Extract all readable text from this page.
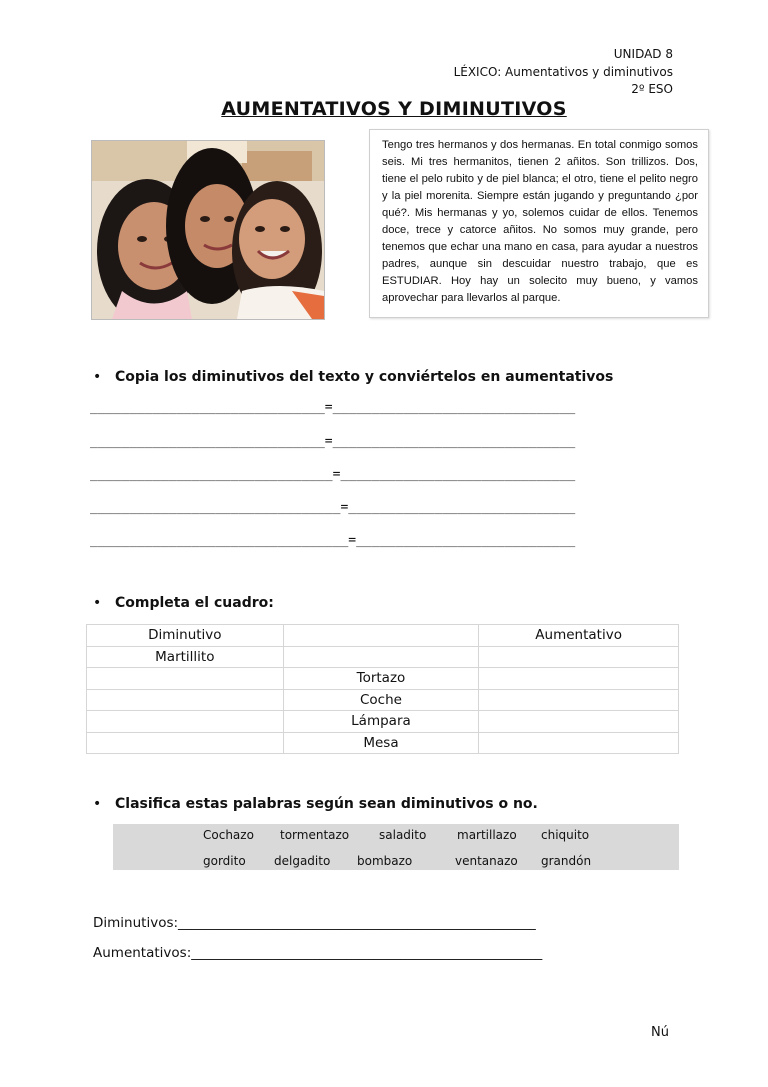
UNIDAD 8
LÉXICO: Aumentativos y diminutivos
2º ESO
AUMENTATIVOS Y DIMINUTIVOS

Tengo tres hermanos y dos hermanas. En total conmigo somos seis. Mi tres hermanitos, tienen 2 añitos. Son trillizos. Dos, tiene el pelo rubito y de piel blanca; el otro, tiene el pelito negro y la piel morenita. Siempre están jugando y preguntando ¿por qué?. Mis hermanas y yo, solemos cuidar de ellos. Tenemos doce, trece y catorce añitos. No somos muy grande, pero tenemos que echar una mano en casa, para ayudar a nuestros padres, aunque sin descuidar nuestro trabajo, que es ESTUDIAR. Hoy hay un solecito muy bueno, y vamos aprovechar para llevarlos al parque.

• Copia los diminutivos del texto y conviértelos en aumentativos
______________________________=_______________________________
______________________________=_______________________________
_______________________________=______________________________
________________________________=_____________________________
_________________________________=____________________________
• Completa el cuadro:
Diminutivo		Aumentativo
Martillito		
	Tortazo	
	Coche	
	Lámpara	
	Mesa	
• Clasifica estas palabras según sean diminutivos o no.
Cochazo tormentazo saladito	martillazo chiquito
gordito delgadito bombazo	ventanazo grandón
Diminutivos:_____________________________________________________
Aumentativos:____________________________________________________
Nú
